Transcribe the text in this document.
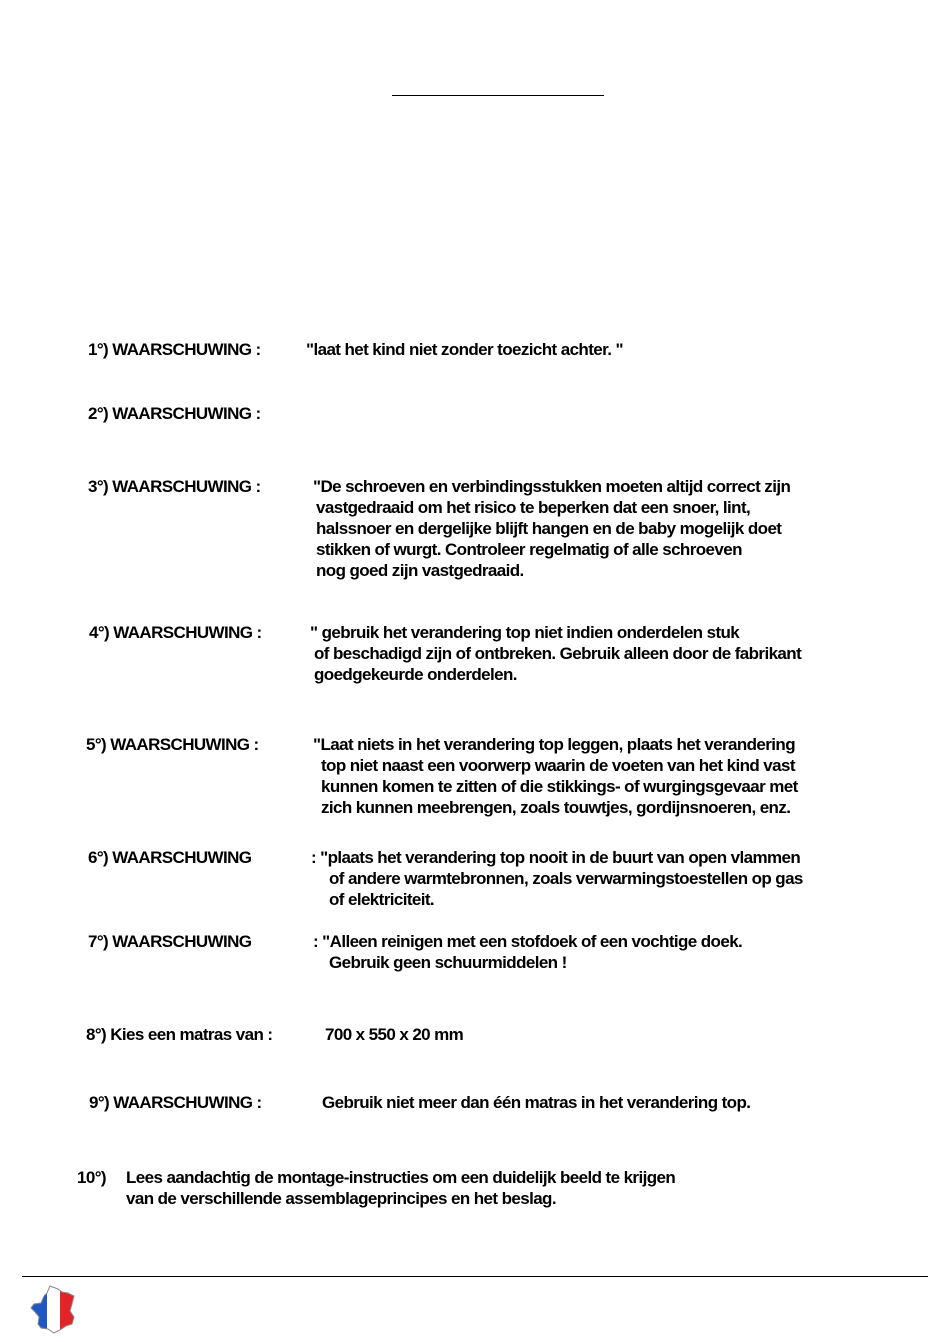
1°) WAARSCHUWING :	"laat het kind niet zonder toezicht achter. "
2°) WAARSCHUWING :
3°) WAARSCHUWING :	"De schroeven en verbindingsstukken moeten altijd correct zijn
vastgedraaid om het risico te beperken dat een snoer, lint,
halssnoer en dergelijke blijft hangen en de baby mogelijk doet
stikken of wurgt. Controleer regelmatig of alle schroeven
nog goed zijn vastgedraaid.
4°) WAARSCHUWING :	" gebruik het verandering top niet indien onderdelen stuk
of beschadigd zijn of ontbreken. Gebruik alleen door de fabrikant
goedgekeurde onderdelen.
5°) WAARSCHUWING :	"Laat niets in het verandering top leggen, plaats het verandering
top niet naast een voorwerp waarin de voeten van het kind vast
kunnen komen te zitten of die stikkings- of wurgingsgevaar met
zich kunnen meebrengen, zoals touwtjes, gordijnsnoeren, enz.
6°) WAARSCHUWING	: "plaats het verandering top nooit in de buurt van open vlammen
of andere warmtebronnen, zoals verwarmingstoestellen op gas
of elektriciteit.
7°) WAARSCHUWING	: "Alleen reinigen met een stofdoek of een vochtige doek.
Gebruik geen schuurmiddelen !
8°) Kies een matras van :	700 x 550 x 20 mm
9°) WAARSCHUWING :	Gebruik niet meer dan één matras in het verandering top.
10°) Lees aandachtig de montage-instructies om een duidelijk beeld te krijgen
van de verschillende assemblageprincipes en het beslag.
